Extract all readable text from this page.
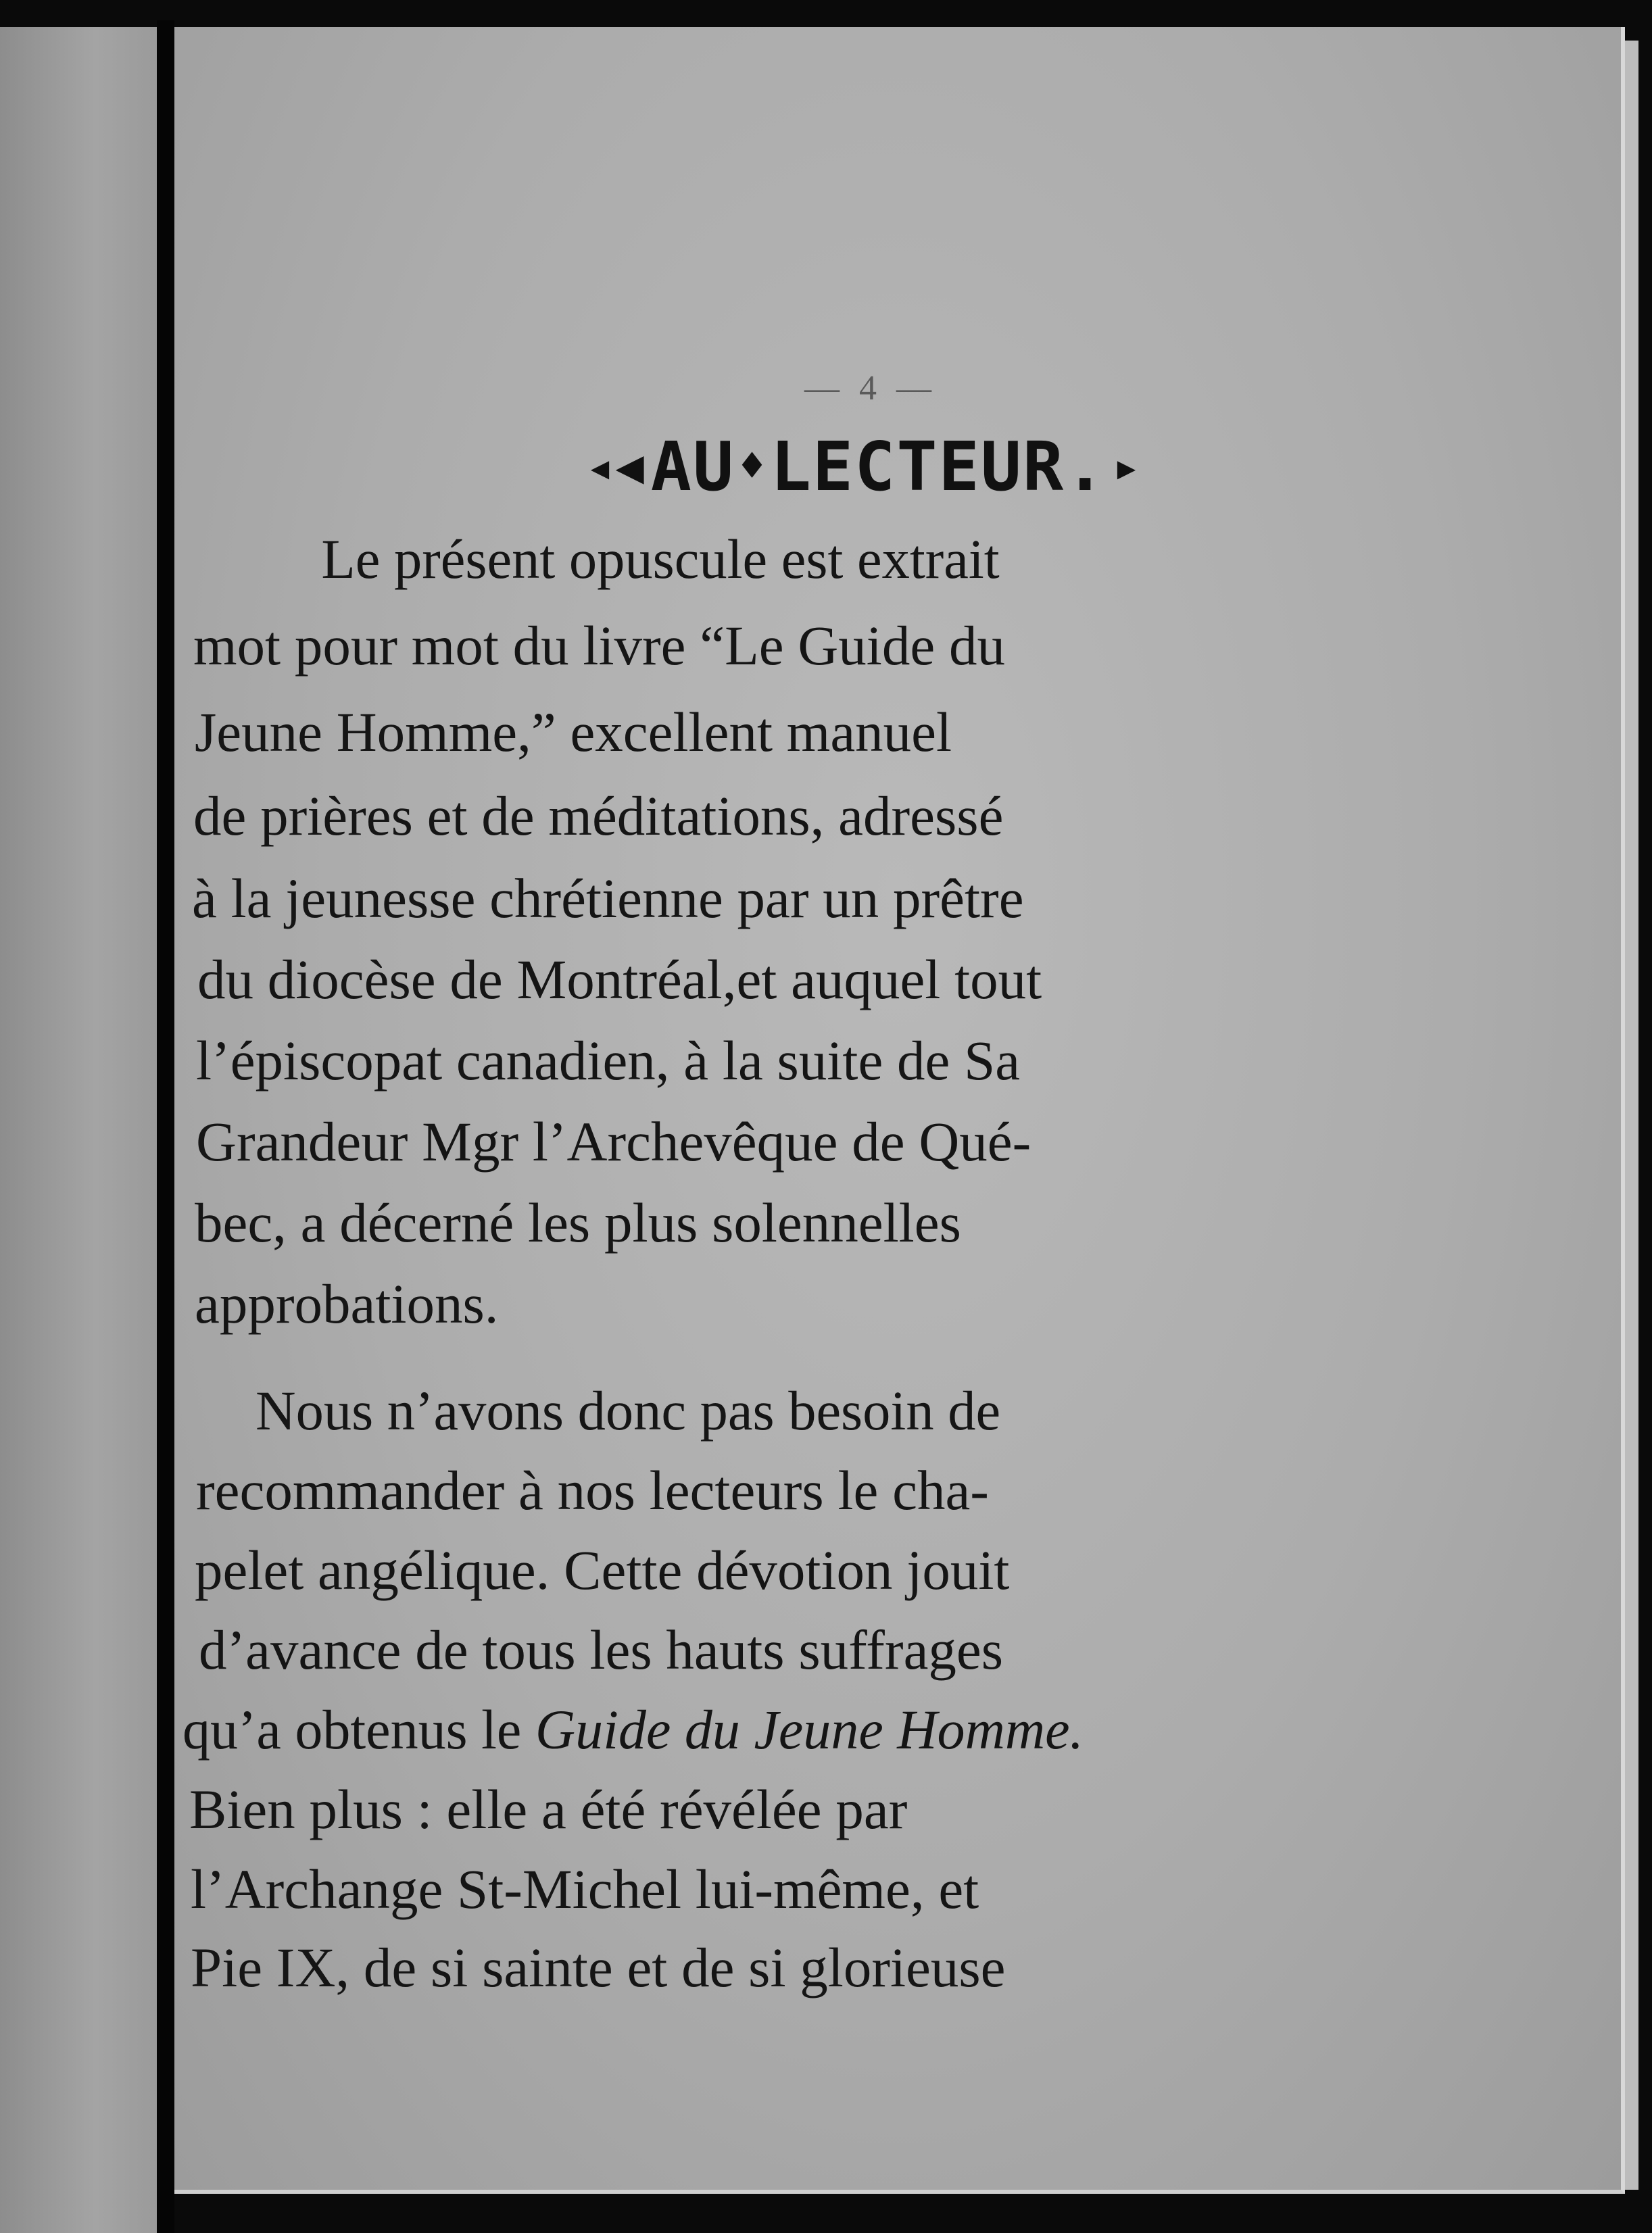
— 4 —
◂◀ AU ♦ LECTEUR. ▸
Le présent opuscule est extrait
mot pour mot du livre “Le Guide du
Jeune Homme,” excellent manuel
de prières et de méditations, adressé
à la jeunesse chrétienne par un prêtre
du diocèse de Montréal,et auquel tout
l’épiscopat canadien, à la suite de Sa
Grandeur Mgr l’Archevêque de Qué-
bec, a décerné les plus solennelles
approbations.
Nous n’avons donc pas besoin de
recommander à nos lecteurs le cha-
pelet angélique. Cette dévotion jouit
d’avance de tous les hauts suffrages
qu’a obtenus le Guide du Jeune Homme.
Bien plus : elle a été révélée par
l’Archange St-Michel lui-même, et
Pie IX, de si sainte et de si glorieuse
